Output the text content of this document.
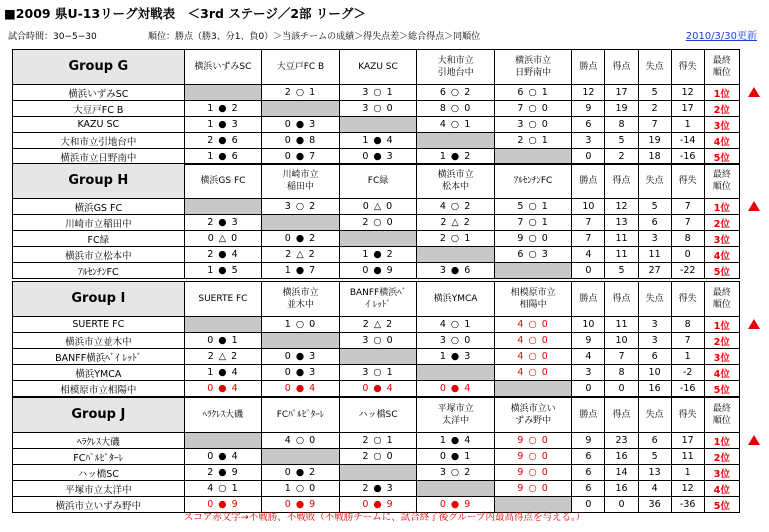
■2009 県U-13リーグ対戦表　＜3rd ステージ／2部 リーグ＞
試合時間：30−5−30	順位：勝点（勝3、分1、負0）＞当該チームの成績＞得失点差＞総合得点＞同順位	2010/3/30更新
Group G	横浜いずみSC	大豆戸FC B	KAZU SC	大和市立
引地台中	横浜市立
日野南中	勝点	得点	失点	得失	最終
順位
横浜いずみSC		2 ○ 1	3 ○ 1	6 ○ 2	6 ○ 1	12	17	5	12	1位
大豆戸FC B	1 ● 2		3 ○ 0	8 ○ 0	7 ○ 0	9	19	2	17	2位
KAZU SC	1 ● 3	0 ● 3		4 ○ 1	3 ○ 0	6	8	7	1	3位
大和市立引地台中	2 ● 6	0 ● 8	1 ● 4		2 ○ 1	3	5	19	-14	4位
横浜市立日野南中	1 ● 6	0 ● 7	0 ● 3	1 ● 2		0	2	18	-16	5位
Group H	横浜GS FC	川崎市立
稲田中	FC緑	横浜市立
松本中	ｱﾙｾﾝﾁﾝFC	勝点	得点	失点	得失	最終
順位
横浜GS FC		3 ○ 2	0 △ 0	4 ○ 2	5 ○ 1	10	12	5	7	1位
川崎市立稲田中	2 ● 3		2 ○ 0	2 △ 2	7 ○ 1	7	13	6	7	2位
FC緑	0 △ 0	0 ● 2		2 ○ 1	9 ○ 0	7	11	3	8	3位
横浜市立松本中	2 ● 4	2 △ 2	1 ● 2		6 ○ 3	4	11	11	0	4位
ｱﾙｾﾝﾁﾝFC	1 ● 5	1 ● 7	0 ● 9	3 ● 6		0	5	27	-22	5位
Group I	SUERTE FC	横浜市立
並木中	BANFF横浜ﾍﾞ
ｲ ﾚｯﾄﾞ	横浜YMCA	相模原市立
相陽中	勝点	得点	失点	得失	最終
順位
SUERTE FC		1 ○ 0	2 △ 2	4 ○ 1	4 ○ 0	10	11	3	8	1位
横浜市立並木中	0 ● 1		3 ○ 0	3 ○ 0	4 ○ 0	9	10	3	7	2位
BANFF横浜ﾍﾞｲ ﾚｯﾄﾞ	2 △ 2	0 ● 3		1 ● 3	4 ○ 0	4	7	6	1	3位
横浜YMCA	1 ● 4	0 ● 3	3 ○ 1		4 ○ 0	3	8	10	-2	4位
相模原市立相陽中	0 ● 4	0 ● 4	0 ● 4	0 ● 4		0	0	16	-16	5位
Group J	ﾍﾗｸﾚｽ大磯	FCﾊﾟﾙﾋﾟﾀｰﾚ	ハッ橋SC	平塚市立
太洋中	横浜市立い
ずみ野中	勝点	得点	失点	得失	最終
順位
ﾍﾗｸﾚｽ大磯		4 ○ 0	2 ○ 1	1 ● 4	9 ○ 0	9	23	6	17	1位
FCﾊﾟﾙﾋﾟﾀｰﾚ	0 ● 4		2 ○ 0	0 ● 1	9 ○ 0	6	16	5	11	2位
ハッ橋SC	2 ● 9	0 ● 2		3 ○ 2	9 ○ 0	6	14	13	1	3位
平塚市立太洋中	4 ○ 1	1 ○ 0	2 ● 3		9 ○ 0	6	16	4	12	4位
横浜市立いずみ野中	0 ● 9	0 ● 9	0 ● 9	0 ● 9		0	0	36	-36	5位
スコア赤文字→不戦勝、不戦敗（不戦勝チームに、試合終了後グループ内最高得点を与える。）
